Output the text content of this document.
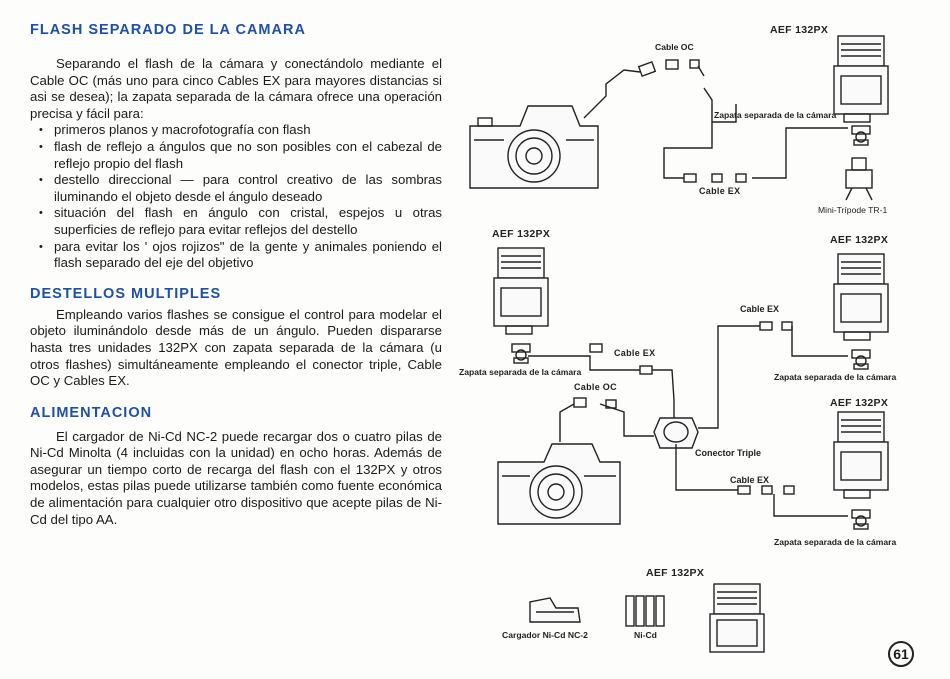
FLASH SEPARADO DE LA CAMARA

Separando el flash de la cámara y conectándolo mediante el Cable OC (más uno para cinco Cables EX para mayores distancias si asi se desea); la zapata separada de la cámara ofrece una operación precisa y fácil para:

• primeros planos y macrofotografía con flash
• flash de reflejo a ángulos que no son posibles con el cabezal de reflejo propio del flash
• destello direccional — para control creativo de las sombras iluminando el objeto desde el ángulo deseado
• situación del flash en ángulo con cristal, espejos u otras superficies de reflejo para evitar reflejos del destello
• para evitar los ' ojos rojizos" de la gente y animales poniendo el flash separado del eje del objetivo
DESTELLOS MULTIPLES

Empleando varios flashes se consigue el control para modelar el objeto iluminándolo desde más de un ángulo. Pueden dispararse hasta tres unidades 132PX con zapata separada de la cámara (u otros flashes) simultáneamente empleando el conector triple, Cable OC y Cables EX.

ALIMENTACION

El cargador de Ni-Cd NC-2 puede recargar dos o cuatro pilas de Ni-Cd Minolta (4 incluidas con la unidad) en ocho horas. Además de asegurar un tiempo corto de recarga del flash con el 132PX y otros modelos, estas pilas puede utilizarse también como fuente económica de alimentación para cualquier otro dispositivo que acepte pilas de Ni-Cd del tipo AA.

AEF 132PX
Cable OC
Zapata separada de la cámara
Cable EX
Mini-Trípode TR-1
AEF 132PX
Zapata separada de la cámara
Cable EX
Cable OC
Conector Triple
AEF 132PX
Cable EX
Zapata separada de la cámara
AEF 132PX
Cable EX
Zapata separada de la cámara
AEF 132PX
Cargador Ni-Cd NC-2	Ni-Cd
61
